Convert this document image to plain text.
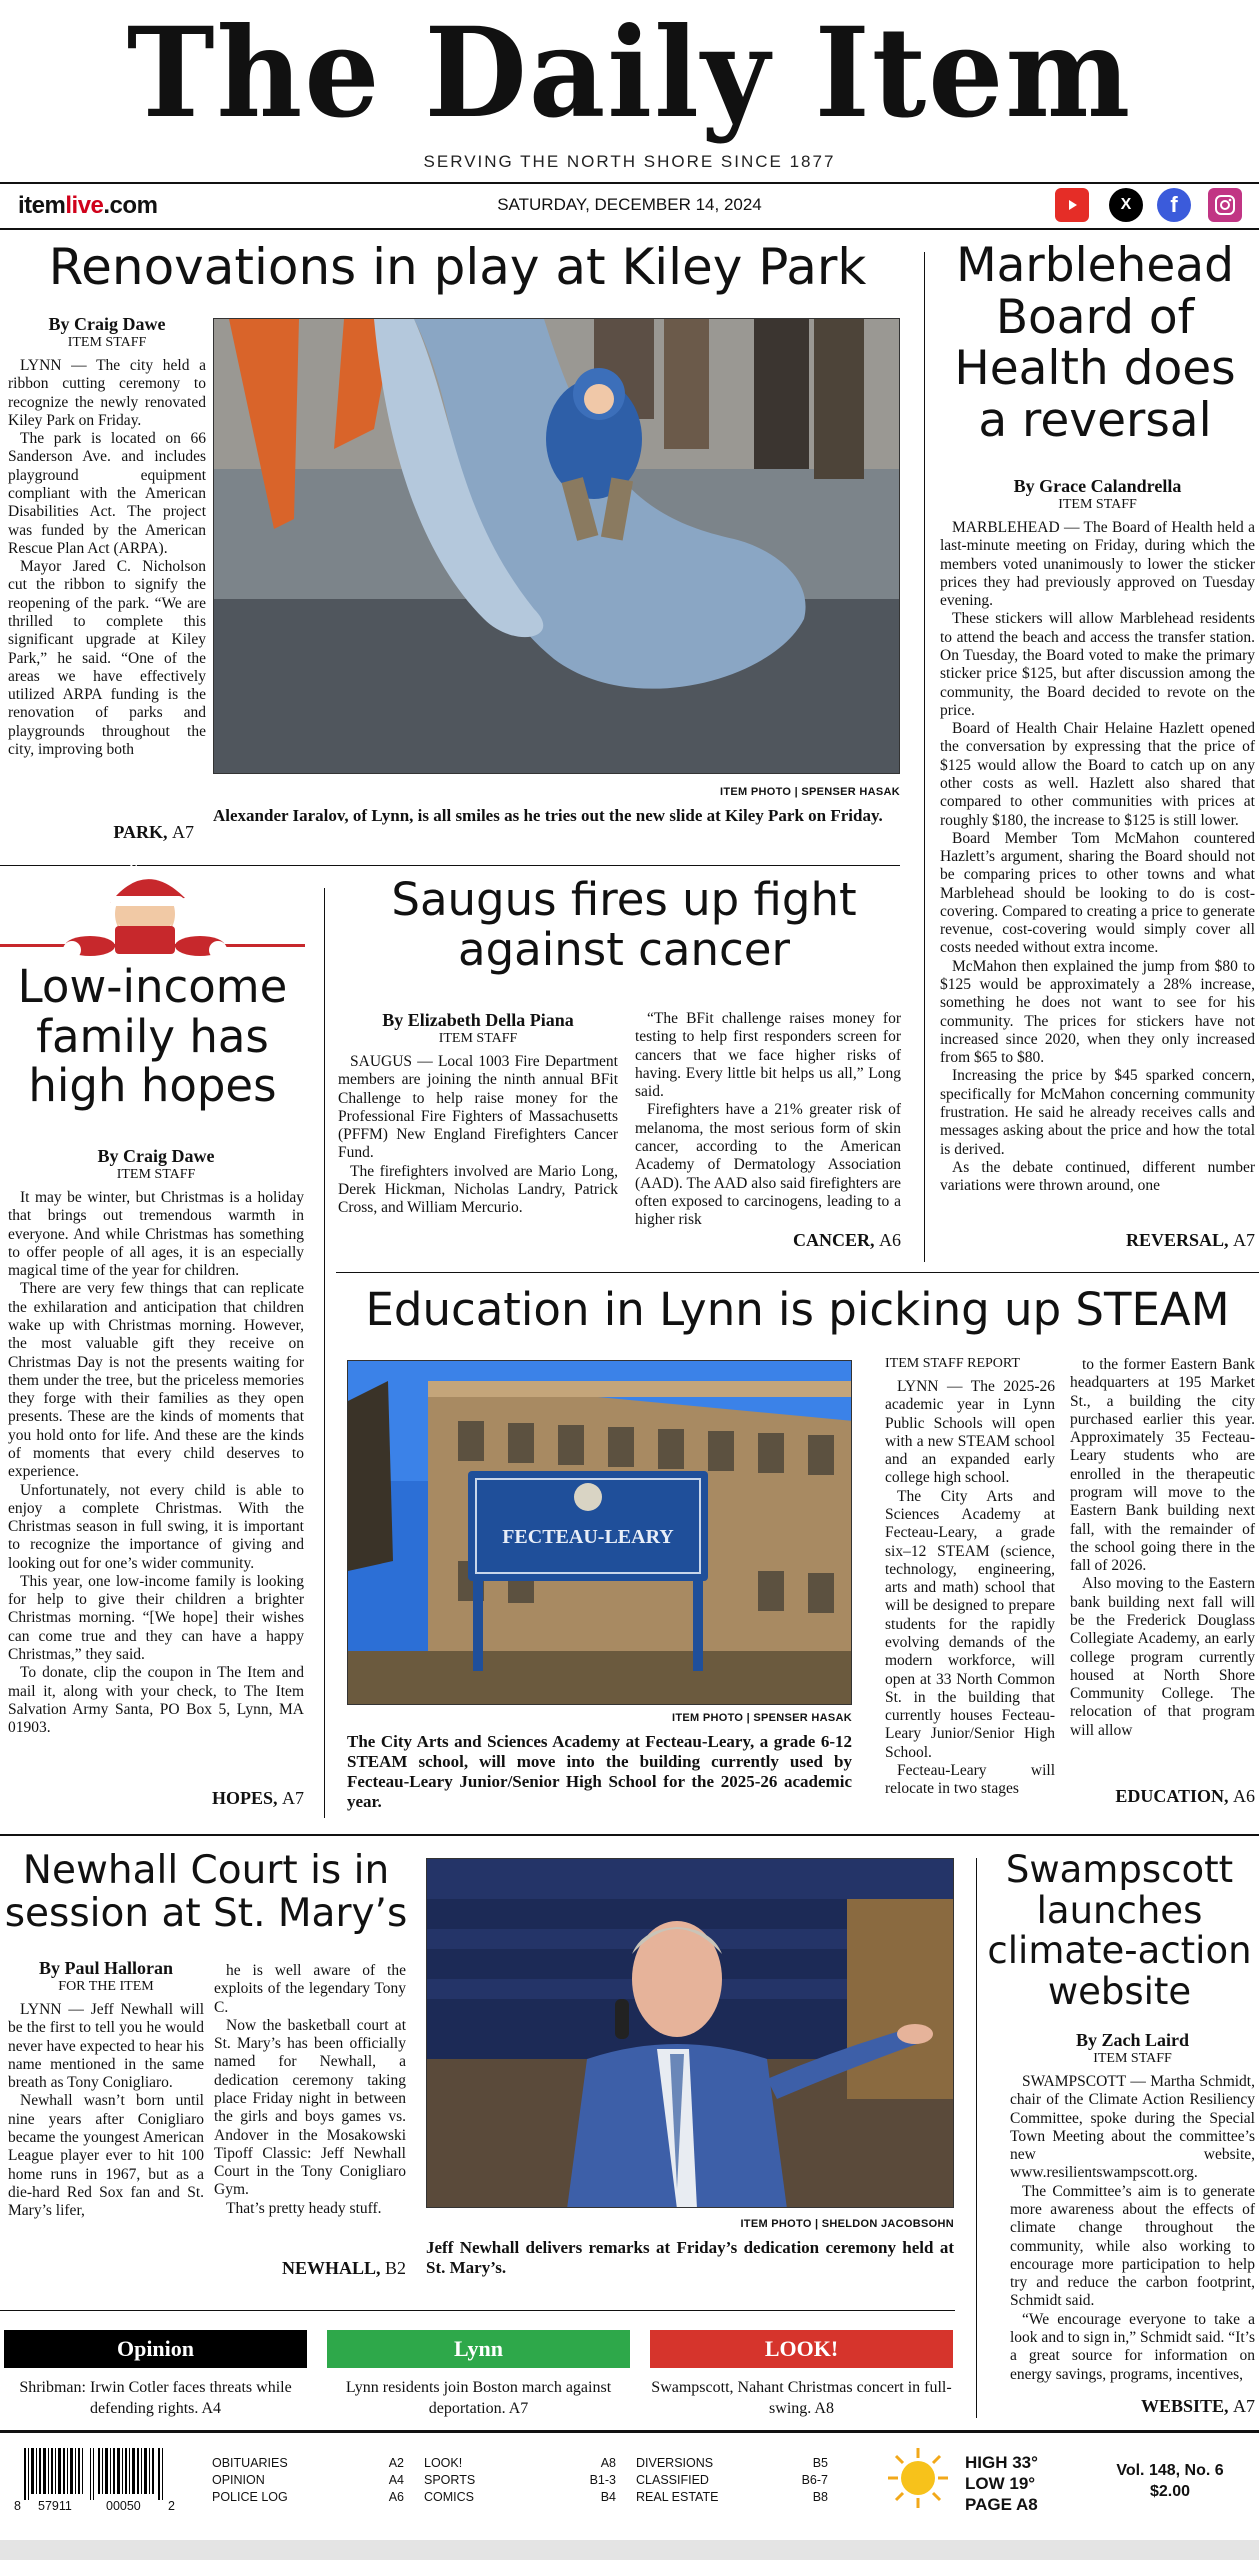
The Daily Item
SERVING THE NORTH SHORE SINCE 1877
itemlive.com	SATURDAY, DECEMBER 14, 2024	X	f
Renovations in play at Kiley Park
By Craig Dawe
ITEM STAFF

LYNN — The city held a ribbon cutting ceremony to recognize the newly renovated Kiley Park on Friday.

The park is located on 66 Sanderson Ave. and includes playground equipment compliant with the American Disabilities Act. The project was funded by the American Rescue Plan Act (ARPA).

Mayor Jared C. Nicholson cut the ribbon to signify the reopening of the park. “We are thrilled to complete this significant upgrade at Kiley Park,” he said. “One of the areas we have effectively utilized ARPA funding is the renovation of parks and playgrounds throughout the city, improving both

PARK, A7
ITEM PHOTO | SPENSER HASAK
Alexander Iaralov, of Lynn, is all smiles as he tries out the new slide at Kiley Park on Friday.
Marblehead Board of Health does a reversal
By Grace Calandrella
ITEM STAFF

MARBLEHEAD — The Board of Health held a last-minute meeting on Friday, during which the members voted unanimously to lower the sticker prices they had previously approved on Tuesday evening.

These stickers will allow Marblehead residents to attend the beach and access the transfer station. On Tuesday, the Board voted to make the primary sticker price $125, but after discussion among the community, the Board decided to revote on the price.

Board of Health Chair Helaine Hazlett opened the conversation by expressing that the price of $125 would allow the Board to catch up on any other costs as well. Hazlett also shared that compared to other communities with prices at roughly $180, the increase to $125 is still lower.

Board Member Tom McMahon countered Hazlett’s argument, sharing the Board should not be comparing prices to other towns and what Marblehead should be looking to do is cost-covering. Compared to creating a price to generate revenue, cost-covering would simply cover all costs needed without extra income.

McMahon then explained the jump from $80 to $125 would be approximately a 28% increase, something he does not want to see for his community. The prices for stickers have not increased since 2020, when they only increased from $65 to $80.

Increasing the price by $45 sparked concern, specifically for McMahon concerning community frustration. He said he already receives calls and messages asking about the price and how the total is derived.

As the debate continued, different number variations were thrown around, one

REVERSAL, A7
Item
Low-income family has high hopes
By Craig Dawe
ITEM STAFF

It may be winter, but Christmas is a holiday that brings out tremendous warmth in everyone. And while Christmas has something to offer people of all ages, it is an especially magical time of the year for children.

There are very few things that can replicate the exhilaration and anticipation that children wake up with Christmas morning. However, the most valuable gift they receive on Christmas Day is not the presents waiting for them under the tree, but the priceless memories they forge with their families as they open presents. These are the kinds of moments that you hold onto for life. And these are the kinds of moments that every child deserves to experience.

Unfortunately, not every child is able to enjoy a complete Christmas. With the Christmas season in full swing, it is important to recognize the importance of giving and looking out for one’s wider community.

This year, one low-income family is looking for help to give their children a brighter Christmas morning. “[We hope] their wishes can come true and they can have a happy Christmas,” they said.

To donate, clip the coupon in The Item and mail it, along with your check, to The Item Salvation Army Santa, PO Box 5, Lynn, MA 01903.

HOPES, A7
Saugus fires up fight against cancer
By Elizabeth Della Piana
ITEM STAFF

SAUGUS — Local 1003 Fire Department members are joining the ninth annual BFit Challenge to help raise money for the Professional Fire Fighters of Massachusetts (PFFM) New England Firefighters Cancer Fund.

The firefighters involved are Mario Long, Derek Hickman, Nicholas Landry, Patrick Cross, and William Mercurio.

“The BFit challenge raises money for testing to help first responders screen for cancers that we face higher risks of having. Every little bit helps us all,” Long said.

Firefighters have a 21% greater risk of melanoma, the most serious form of skin cancer, according to the American Academy of Dermatology Association (AAD). The AAD also said firefighters are often exposed to carcinogens, leading to a higher risk

CANCER, A6
Education in Lynn is picking up STEAM
FECTEAU-LEARY
ITEM PHOTO | SPENSER HASAK
The City Arts and Sciences Academy at Fecteau-Leary, a grade 6-12 STEAM school, will move into the building currently used by Fecteau-Leary Junior/Senior High School for the 2025-26 academic year.
ITEM STAFF REPORT

LYNN — The 2025-26 academic year in Lynn Public Schools will open with a new STEAM school and an expanded early college high school.

The City Arts and Sciences Academy at Fecteau-Leary, a grade six–12 STEAM (science, technology, engineering, arts and math) school that will be designed to prepare students for the rapidly evolving demands of the modern workforce, will open at 33 North Common St. in the building that currently houses Fecteau-Leary Junior/Senior High School.

Fecteau-Leary will relocate in two stages

to the former Eastern Bank headquarters at 195 Market St., a building the city purchased earlier this year. Approximately 35 Fecteau-Leary students who are enrolled in the therapeutic program will move to the Eastern Bank building next fall, with the remainder of the school going there in the fall of 2026.

Also moving to the Eastern bank building next fall will be the Frederick Douglass Collegiate Academy, an early college program currently housed at North Shore Community College. The relocation of that program will allow

EDUCATION, A6
Newhall Court is in session at St. Mary’s
By Paul Halloran
FOR THE ITEM

LYNN — Jeff Newhall will be the first to tell you he would never have expected to hear his name mentioned in the same breath as Tony Conigliaro.

Newhall wasn’t born until nine years after Conigliaro became the youngest American League player ever to hit 100 home runs in 1967, but as a die-hard Red Sox fan and St. Mary’s lifer,

he is well aware of the exploits of the legendary Tony C.

Now the basketball court at St. Mary’s has been officially named for Newhall, a dedication ceremony taking place Friday night in between the girls and boys games vs. Andover in the Mosakowski Tipoff Classic: Jeff Newhall Court in the Tony Conigliaro Gym.

That’s pretty heady stuff.

NEWHALL, B2
ITEM PHOTO | SHELDON JACOBSOHN
Jeff Newhall delivers remarks at Friday’s dedication ceremony held at St. Mary’s.
Swampscott launches climate-action website
By Zach Laird
ITEM STAFF

SWAMPSCOTT — Martha Schmidt, chair of the Climate Action Resiliency Committee, spoke during the Special Town Meeting about the committee’s new website, www.resilientswampscott.org.

The Committee’s aim is to generate more awareness about the effects of climate change throughout the community, while also working to encourage more participation to help try and reduce the carbon footprint, Schmidt said.

“We encourage everyone to take a look and to sign in,” Schmidt said. “It’s a great source for information on energy savings, programs, incentives,

WEBSITE, A7
Opinion
Shribman: Irwin Cotler faces threats while defending rights. A4
Lynn
Lynn residents join Boston march against deportation. A7
LOOK!
Swampscott, Nahant Christmas concert in full-swing. A8
8 57911	00050 2
OBITUARIES	A2
OPINION	A4
POLICE LOG	A6
LOOK!	A8
SPORTS	B1-3
COMICS	B4
DIVERSIONS	B5
CLASSIFIED	B6-7
REAL ESTATE	B8
HIGH 33°
LOW 19°
PAGE A8
Vol. 148, No. 6
$2.00
